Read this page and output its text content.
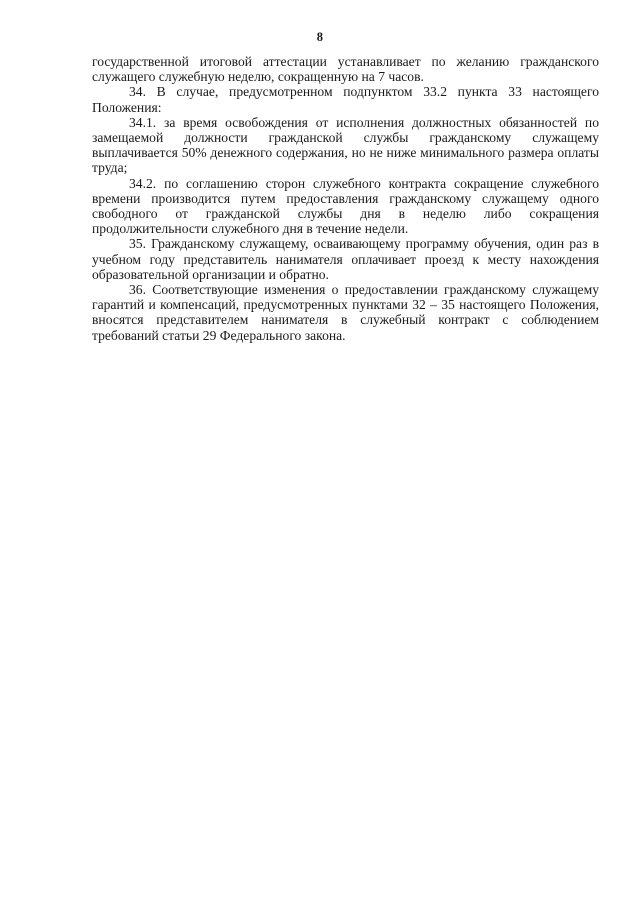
8

государственной итоговой аттестации устанавливает по желанию гражданского служащего служебную неделю, сокращенную на 7 часов.

34. В случае, предусмотренном подпунктом 33.2 пункта 33 настоящего Положения:

34.1. за время освобождения от исполнения должностных обязанностей по замещаемой должности гражданской службы гражданскому служащему выплачивается 50% денежного содержания, но не ниже минимального размера оплаты труда;

34.2. по соглашению сторон служебного контракта сокращение служебного времени производится путем предоставления гражданскому служащему одного свободного от гражданской службы дня в неделю либо сокращения продолжительности служебного дня в течение недели.

35. Гражданскому служащему, осваивающему программу обучения, один раз в учебном году представитель нанимателя оплачивает проезд к месту нахождения образовательной организации и обратно.

36. Соответствующие изменения о предоставлении гражданскому служащему гарантий и компенсаций, предусмотренных пунктами 32 – 35 настоящего Положения, вносятся представителем нанимателя в служебный контракт с соблюдением требований статьи 29 Федерального закона.
